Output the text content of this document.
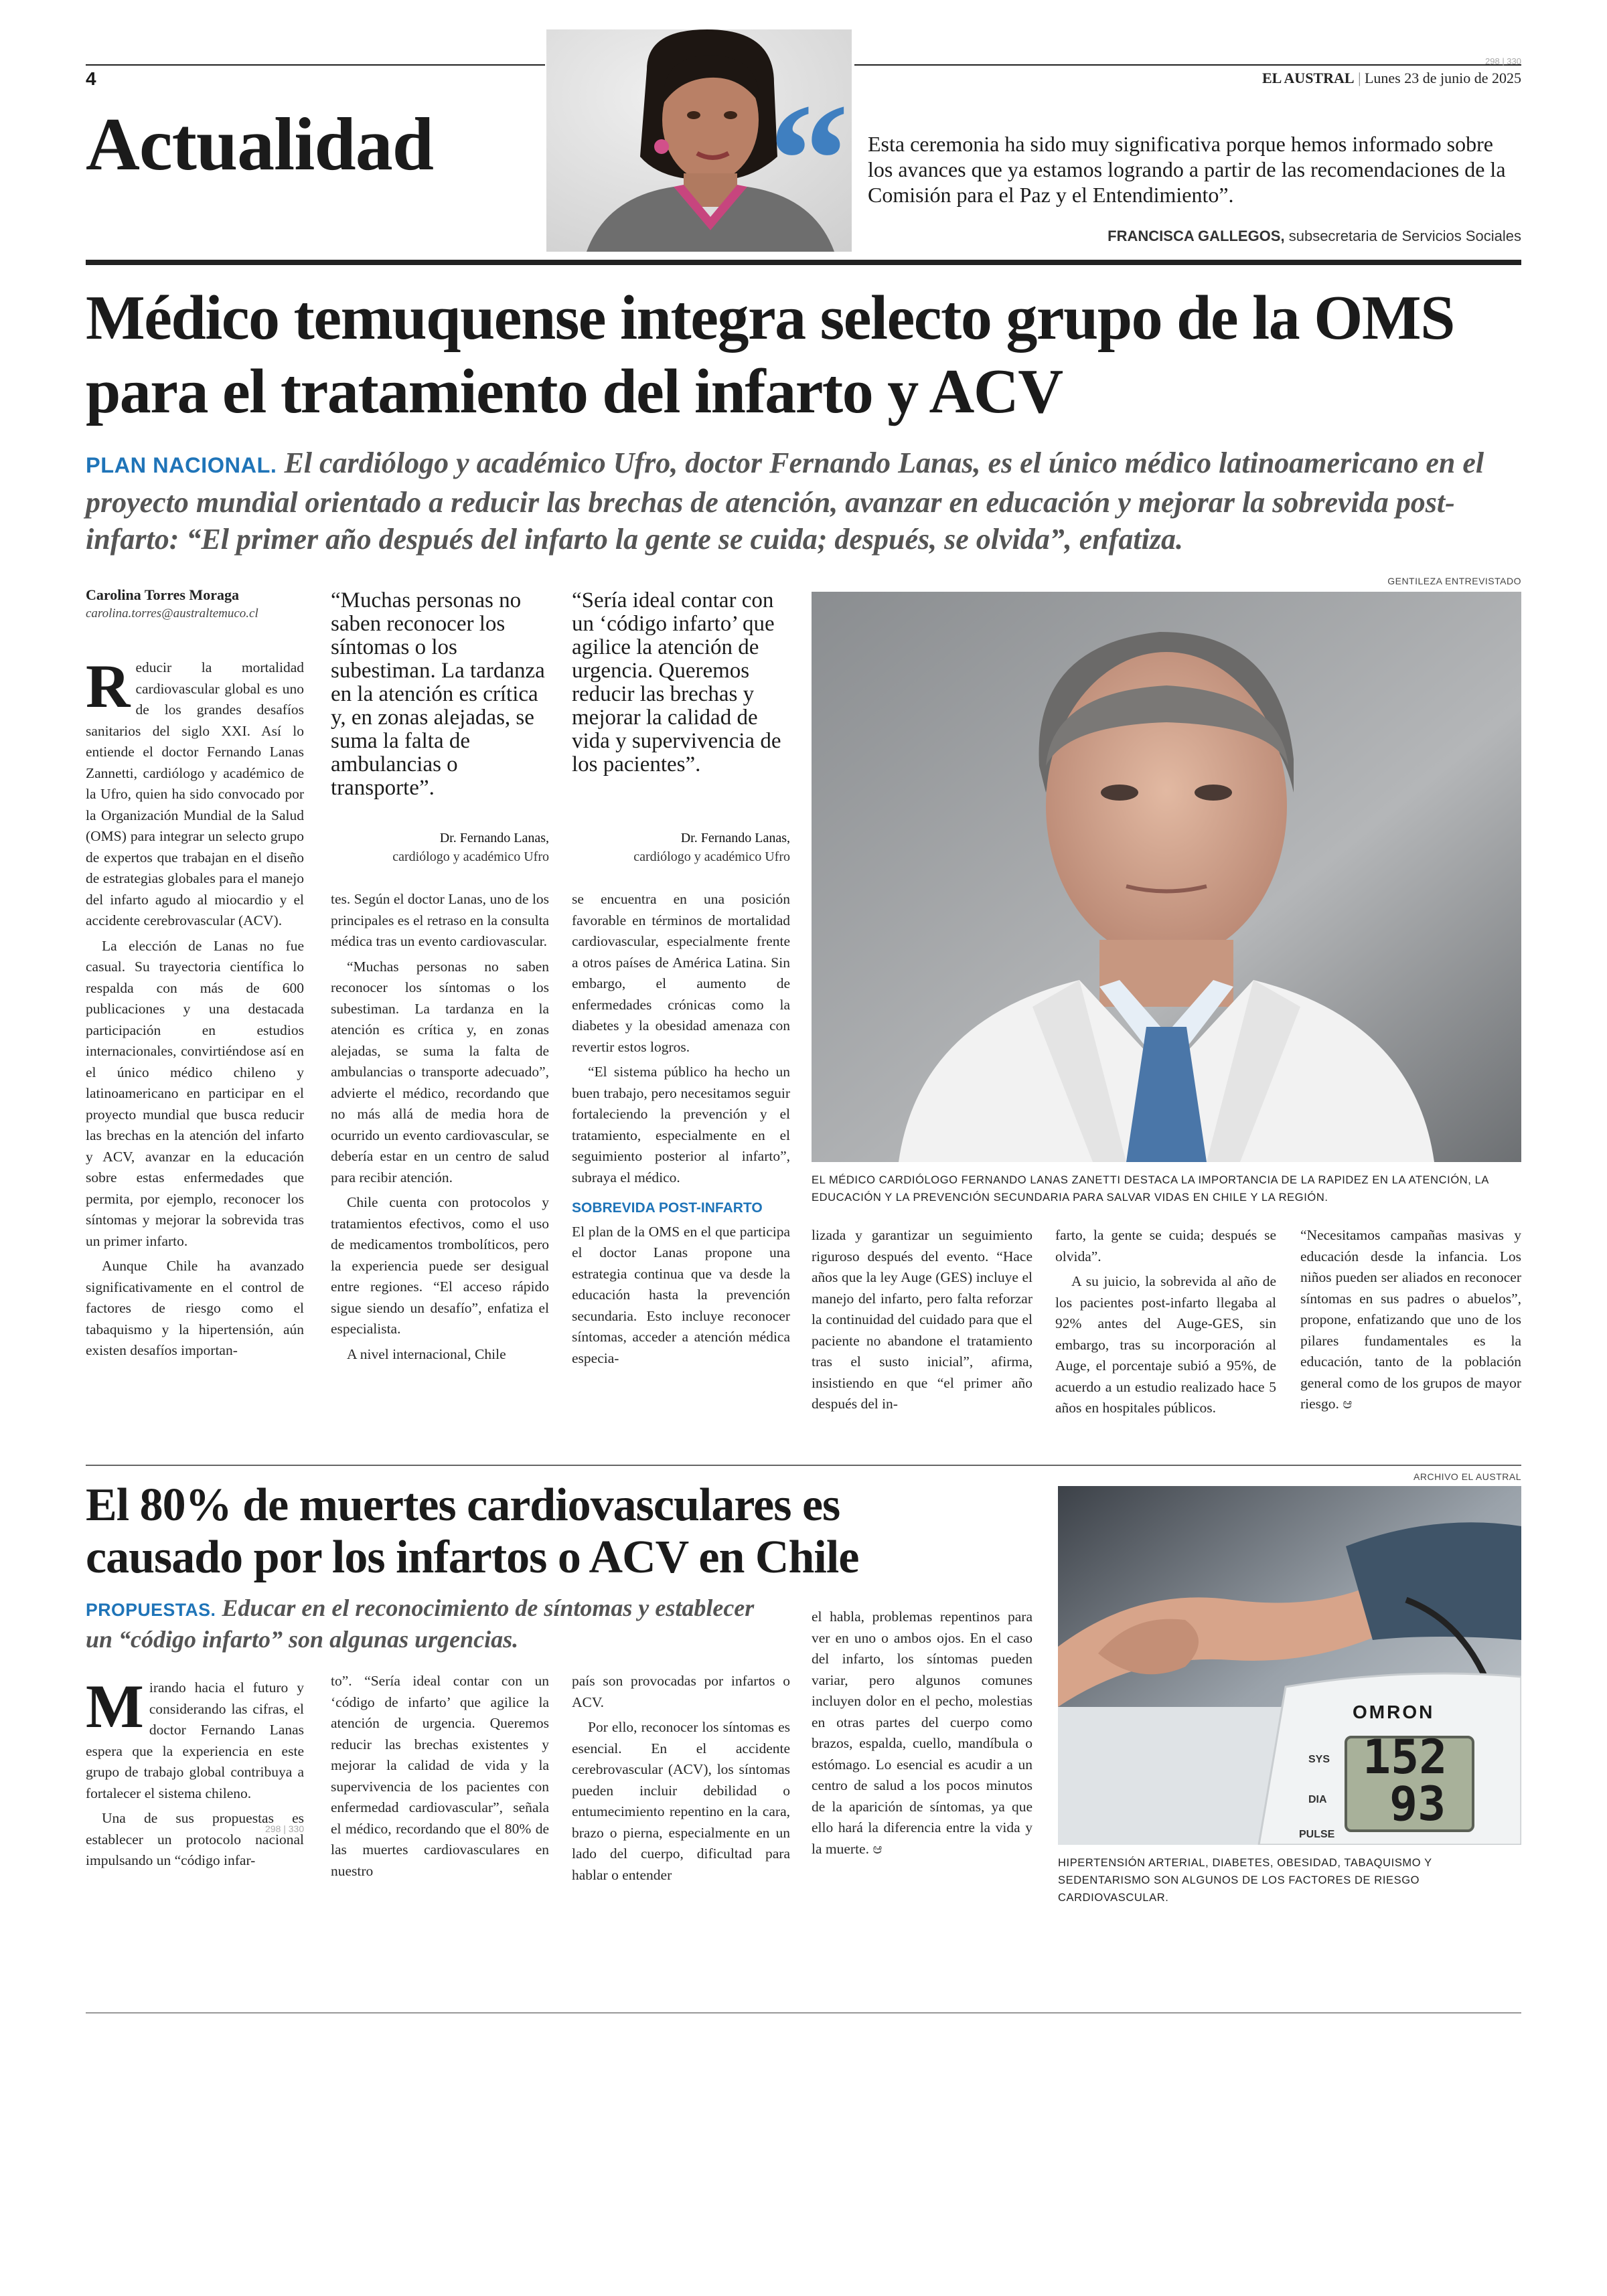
4	EL AUSTRAL | Lunes 23 de junio de 2025
298 | 330
Actualidad “ Esta ceremonia ha sido muy significativa porque hemos informado sobre los avances que ya estamos logrando a partir de las recomendaciones de la Comisión para el Paz y el Entendimiento”.
FRANCISCA GALLEGOS, subsecretaria de Servicios Sociales
Médico temuquense integra selecto grupo de la OMS para el tratamiento del infarto y ACV
PLAN NACIONAL. El cardiólogo y académico Ufro, doctor Fernando Lanas, es el único médico latinoamericano en el proyecto mundial orientado a reducir las brechas de atención, avanzar en educación y mejorar la sobrevida post-infarto: “El primer año después del infarto la gente se cuida; después, se olvida”, enfatiza.
GENTILEZA ENTREVISTADO
EL MÉDICO CARDIÓLOGO FERNANDO LANAS ZANETTI DESTACA LA IMPORTANCIA DE LA RAPIDEZ EN LA ATENCIÓN, LA EDUCACIÓN Y LA PREVENCIÓN SECUNDARIA PARA SALVAR VIDAS EN CHILE Y LA REGIÓN.
Carolina Torres Moraga
carolina.torres@australtemuco.cl

Reducir la mortalidad cardiovascular global es uno de los grandes desafíos sanitarios del siglo XXI. Así lo entiende el doctor Fernando Lanas Zannetti, cardiólogo y académico de la Ufro, quien ha sido convocado por la Organización Mundial de la Salud (OMS) para integrar un selecto grupo de expertos que trabajan en el diseño de estrategias globales para el manejo del infarto agudo al miocardio y el accidente cerebrovascular (ACV).

La elección de Lanas no fue casual. Su trayectoria científica lo respalda con más de 600 publicaciones y una destacada participación en estudios internacionales, convirtiéndose así en el único médico chileno y latinoamericano en participar en el proyecto mundial que busca reducir las brechas en la atención del infarto y ACV, avanzar en la educación sobre estas enfermedades que permita, por ejemplo, reconocer los síntomas y mejorar la sobrevida tras un primer infarto.

Aunque Chile ha avanzado significativamente en el control de factores de riesgo como el tabaquismo y la hipertensión, aún existen desafíos importan-

“Muchas personas no saben reconocer los síntomas o los subestiman. La tardanza en la atención es crítica y, en zonas alejadas, se suma la falta de ambulancias o transporte”.
Dr. Fernando Lanas,
cardiólogo y académico Ufro
“Sería ideal contar con un ‘código infarto’ que agilice la atención de urgencia. Queremos reducir las brechas y mejorar la calidad de vida y supervivencia de los pacientes”.
Dr. Fernando Lanas,
cardiólogo y académico Ufro

tes. Según el doctor Lanas, uno de los principales es el retraso en la consulta médica tras un evento cardiovascular.

“Muchas personas no saben reconocer los síntomas o los subestiman. La tardanza en la atención es crítica y, en zonas alejadas, se suma la falta de ambulancias o transporte adecuado”, advierte el médico, recordando que no más allá de media hora de ocurrido un evento cardiovascular, se debería estar en un centro de salud para recibir atención.

Chile cuenta con protocolos y tratamientos efectivos, como el uso de medicamentos trombolíticos, pero la experiencia puede ser desigual entre regiones. “El acceso rápido sigue siendo un desafío”, enfatiza el especialista.

A nivel internacional, Chile

se encuentra en una posición favorable en términos de mortalidad cardiovascular, especialmente frente a otros países de América Latina. Sin embargo, el aumento de enfermedades crónicas como la diabetes y la obesidad amenaza con revertir estos logros.

“El sistema público ha hecho un buen trabajo, pero necesitamos seguir fortaleciendo la prevención y el tratamiento, especialmente en el seguimiento posterior al infarto”, subraya el médico.

SOBREVIDA POST-INFARTO

El plan de la OMS en el que participa el doctor Lanas propone una estrategia continua que va desde la educación hasta la prevención secundaria. Esto incluye reconocer síntomas, acceder a atención médica especia-

lizada y garantizar un seguimiento riguroso después del evento. “Hace años que la ley Auge (GES) incluye el manejo del infarto, pero falta reforzar la continuidad del cuidado para que el paciente no abandone el tratamiento tras el susto inicial”, afirma, insistiendo en que “el primer año después del in-

farto, la gente se cuida; después se olvida”.

A su juicio, la sobrevida al año de los pacientes post-infarto llegaba al 92% antes del Auge-GES, sin embargo, tras su incorporación al Auge, el porcentaje subió a 95%, de acuerdo a un estudio realizado hace 5 años en hospitales públicos.

“Necesitamos campañas masivas y educación desde la infancia. Los niños pueden ser aliados en reconocer síntomas en sus padres o abuelos”, propone, enfatizando que uno de los pilares fundamentales es la educación, tanto de la población general como de los grupos de mayor riesgo. ಆ

El 80% de muertes cardiovasculares es causado por los infartos o ACV en Chile
PROPUESTAS. Educar en el reconocimiento de síntomas y establecer un “código infarto” son algunas urgencias.
ARCHIVO EL AUSTRAL
OMRON
SYS
DIA
PULSE
152
93
HIPERTENSIÓN ARTERIAL, DIABETES, OBESIDAD, TABAQUISMO Y SEDENTARISMO SON ALGUNOS DE LOS FACTORES DE RIESGO CARDIOVASCULAR.

Mirando hacia el futuro y considerando las cifras, el doctor Fernando Lanas espera que la experiencia en este grupo de trabajo global contribuya a fortalecer el sistema chileno.

Una de sus propuestas es establecer un protocolo nacional impulsando un “código infar-

to”. “Sería ideal contar con un ‘código de infarto’ que agilice la atención de urgencia. Queremos reducir las brechas existentes y mejorar la calidad de vida y la supervivencia de los pacientes con enfermedad cardiovascular”, señala el médico, recordando que el 80% de las muertes cardiovasculares en nuestro

país son provocadas por infartos o ACV.

Por ello, reconocer los síntomas es esencial. En el accidente cerebrovascular (ACV), los síntomas pueden incluir debilidad o entumecimiento repentino en la cara, brazo o pierna, especialmente en un lado del cuerpo, dificultad para hablar o entender

el habla, problemas repentinos para ver en uno o ambos ojos. En el caso del infarto, los síntomas pueden variar, pero algunos comunes incluyen dolor en el pecho, molestias en otras partes del cuerpo como brazos, espalda, cuello, mandíbula o estómago. Lo esencial es acudir a un centro de salud a los pocos minutos de la aparición de síntomas, ya que ello hará la diferencia entre la vida y la muerte. ಆ

298 | 330
